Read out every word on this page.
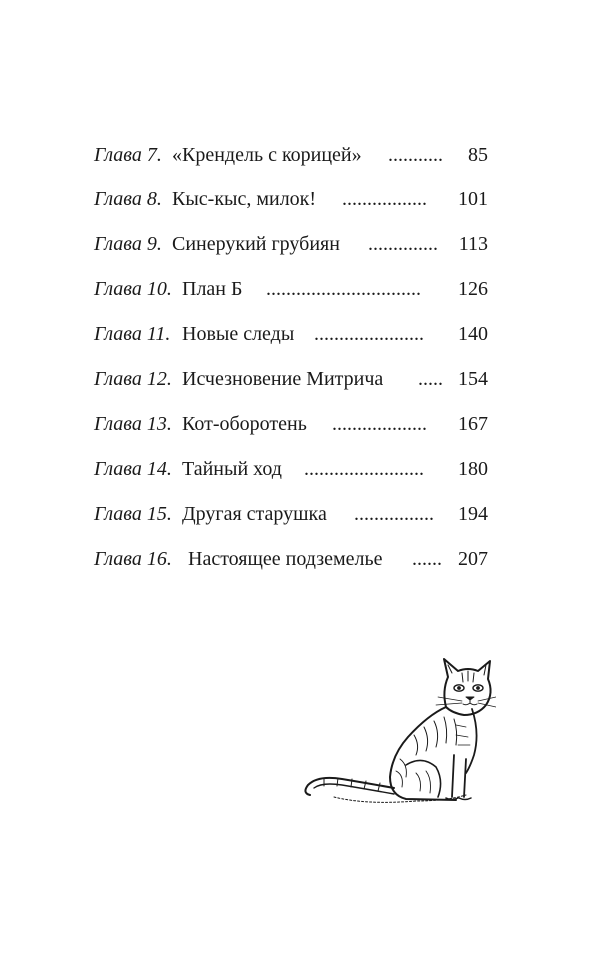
Глава 7.

«Крендель с корицей»

...........

85

Глава 8.

Кыс-кыс, милок!

.................

101

Глава 9.

Синерукий грубиян

..............

113

Глава 10.

План Б

...............................

126

Глава 11.

Новые следы

......................

140

Глава 12.

Исчезновение Митрича

.....

154

Глава 13.

Кот-оборотень

...................

167

Глава 14.

Тайный ход

........................

180

Глава 15.

Другая старушка

................

194

Глава 16.

Настоящее подземелье

......

207
